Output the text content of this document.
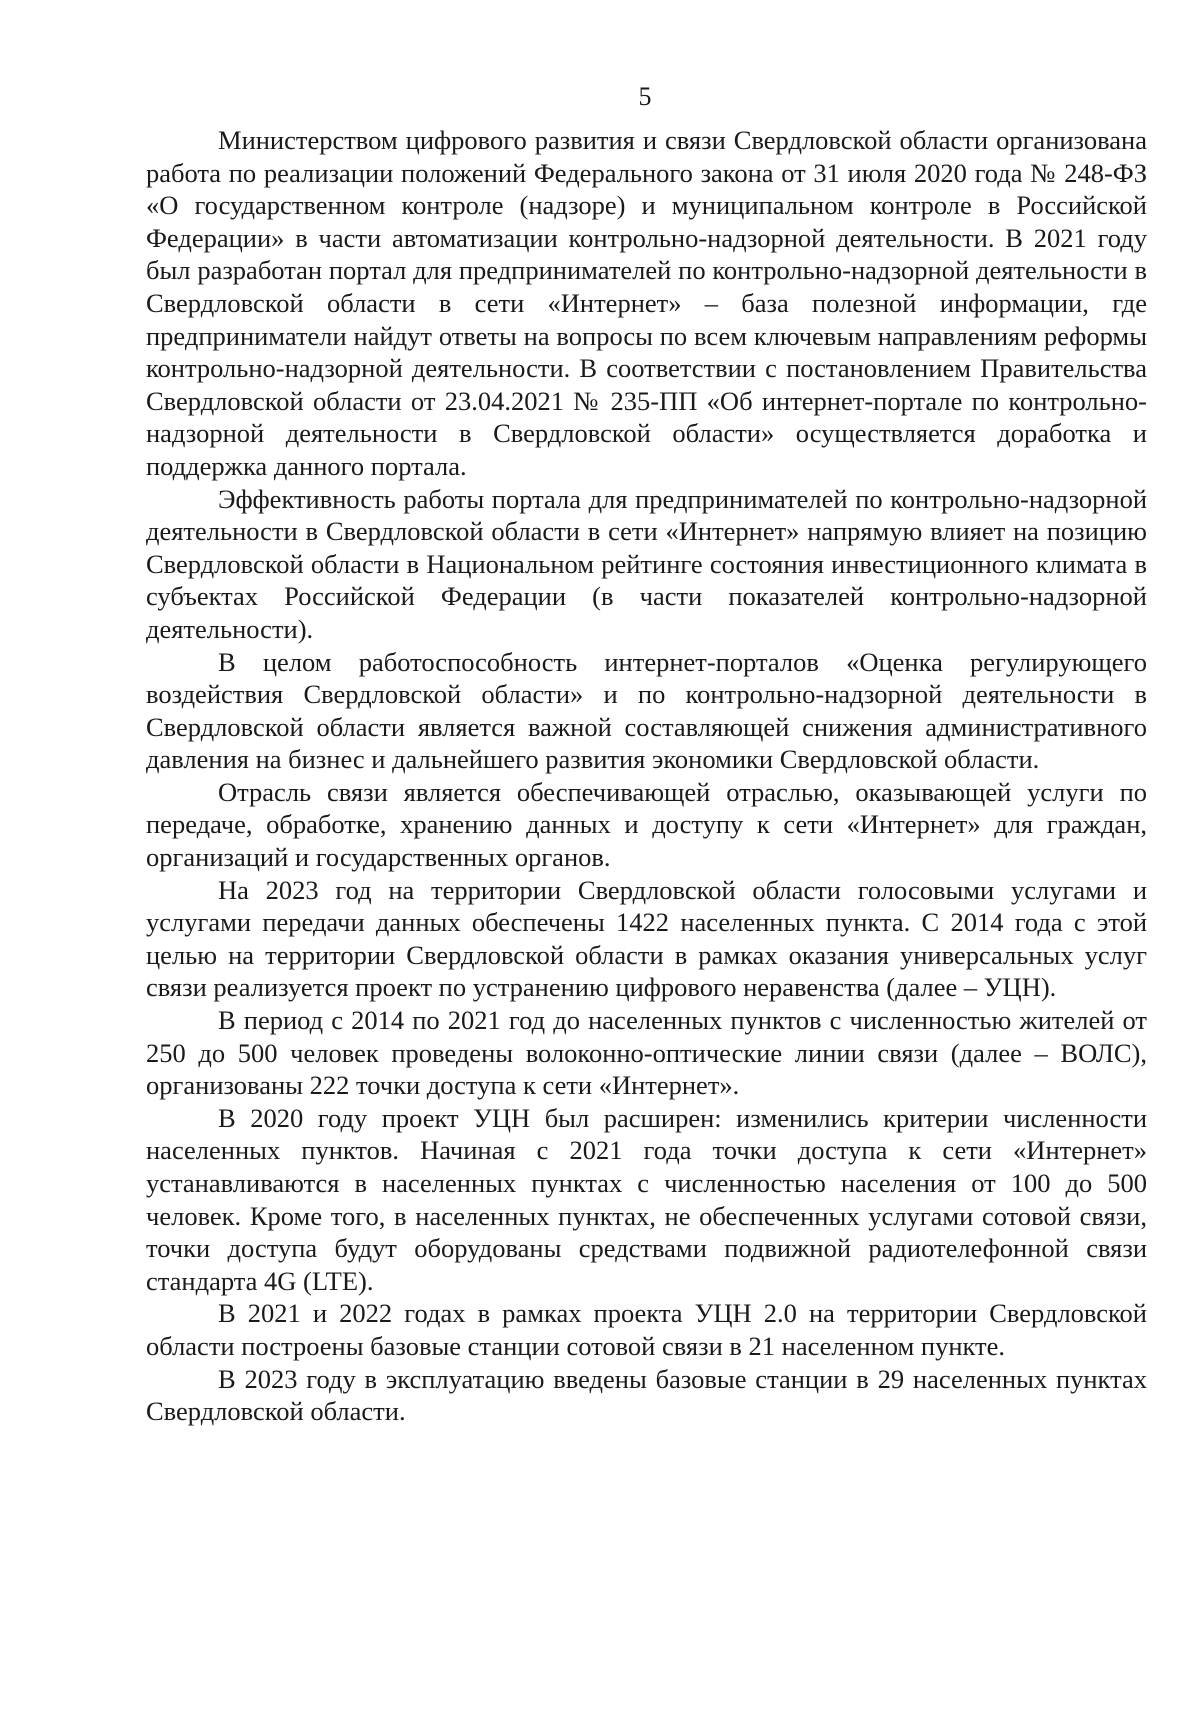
5

Министерством цифрового развития и связи Свердловской области организована работа по реализации положений Федерального закона от 31 июля 2020 года № 248-ФЗ «О государственном контроле (надзоре) и муниципальном контроле в Российской Федерации» в части автоматизации контрольно-надзорной деятельности. В 2021 году был разработан портал для предпринимателей по контрольно-надзорной деятельности в Свердловской области в сети «Интернет» – база полезной информации, где предприниматели найдут ответы на вопросы по всем ключевым направлениям реформы контрольно-надзорной деятельности. В соответствии с постановлением Правительства Свердловской области от 23.04.2021 № 235-ПП «Об интернет-портале по контрольно-надзорной деятельности в Свердловской области» осуществляется доработка и поддержка данного портала.

Эффективность работы портала для предпринимателей по контрольно-надзорной деятельности в Свердловской области в сети «Интернет» напрямую влияет на позицию Свердловской области в Национальном рейтинге состояния инвестиционного климата в субъектах Российской Федерации (в части показателей контрольно-надзорной деятельности).

В целом работоспособность интернет-порталов «Оценка регулирующего воздействия Свердловской области» и по контрольно-надзорной деятельности в Свердловской области является важной составляющей снижения административного давления на бизнес и дальнейшего развития экономики Свердловской области.

Отрасль связи является обеспечивающей отраслью, оказывающей услуги по передаче, обработке, хранению данных и доступу к сети «Интернет» для граждан, организаций и государственных органов.

На 2023 год на территории Свердловской области голосовыми услугами и услугами передачи данных обеспечены 1422 населенных пункта. С 2014 года с этой целью на территории Свердловской области в рамках оказания универсальных услуг связи реализуется проект по устранению цифрового неравенства (далее – УЦН).

В период с 2014 по 2021 год до населенных пунктов с численностью жителей от 250 до 500 человек проведены волоконно-оптические линии связи (далее – ВОЛС), организованы 222 точки доступа к сети «Интернет».

В 2020 году проект УЦН был расширен: изменились критерии численности населенных пунктов. Начиная с 2021 года точки доступа к сети «Интернет» устанавливаются в населенных пунктах с численностью населения от 100 до 500 человек. Кроме того, в населенных пунктах, не обеспеченных услугами сотовой связи, точки доступа будут оборудованы средствами подвижной радиотелефонной связи стандарта 4G (LTE).

В 2021 и 2022 годах в рамках проекта УЦН 2.0 на территории Свердловской области построены базовые станции сотовой связи в 21 населенном пункте.

В 2023 году в эксплуатацию введены базовые станции в 29 населенных пунктах Свердловской области.
